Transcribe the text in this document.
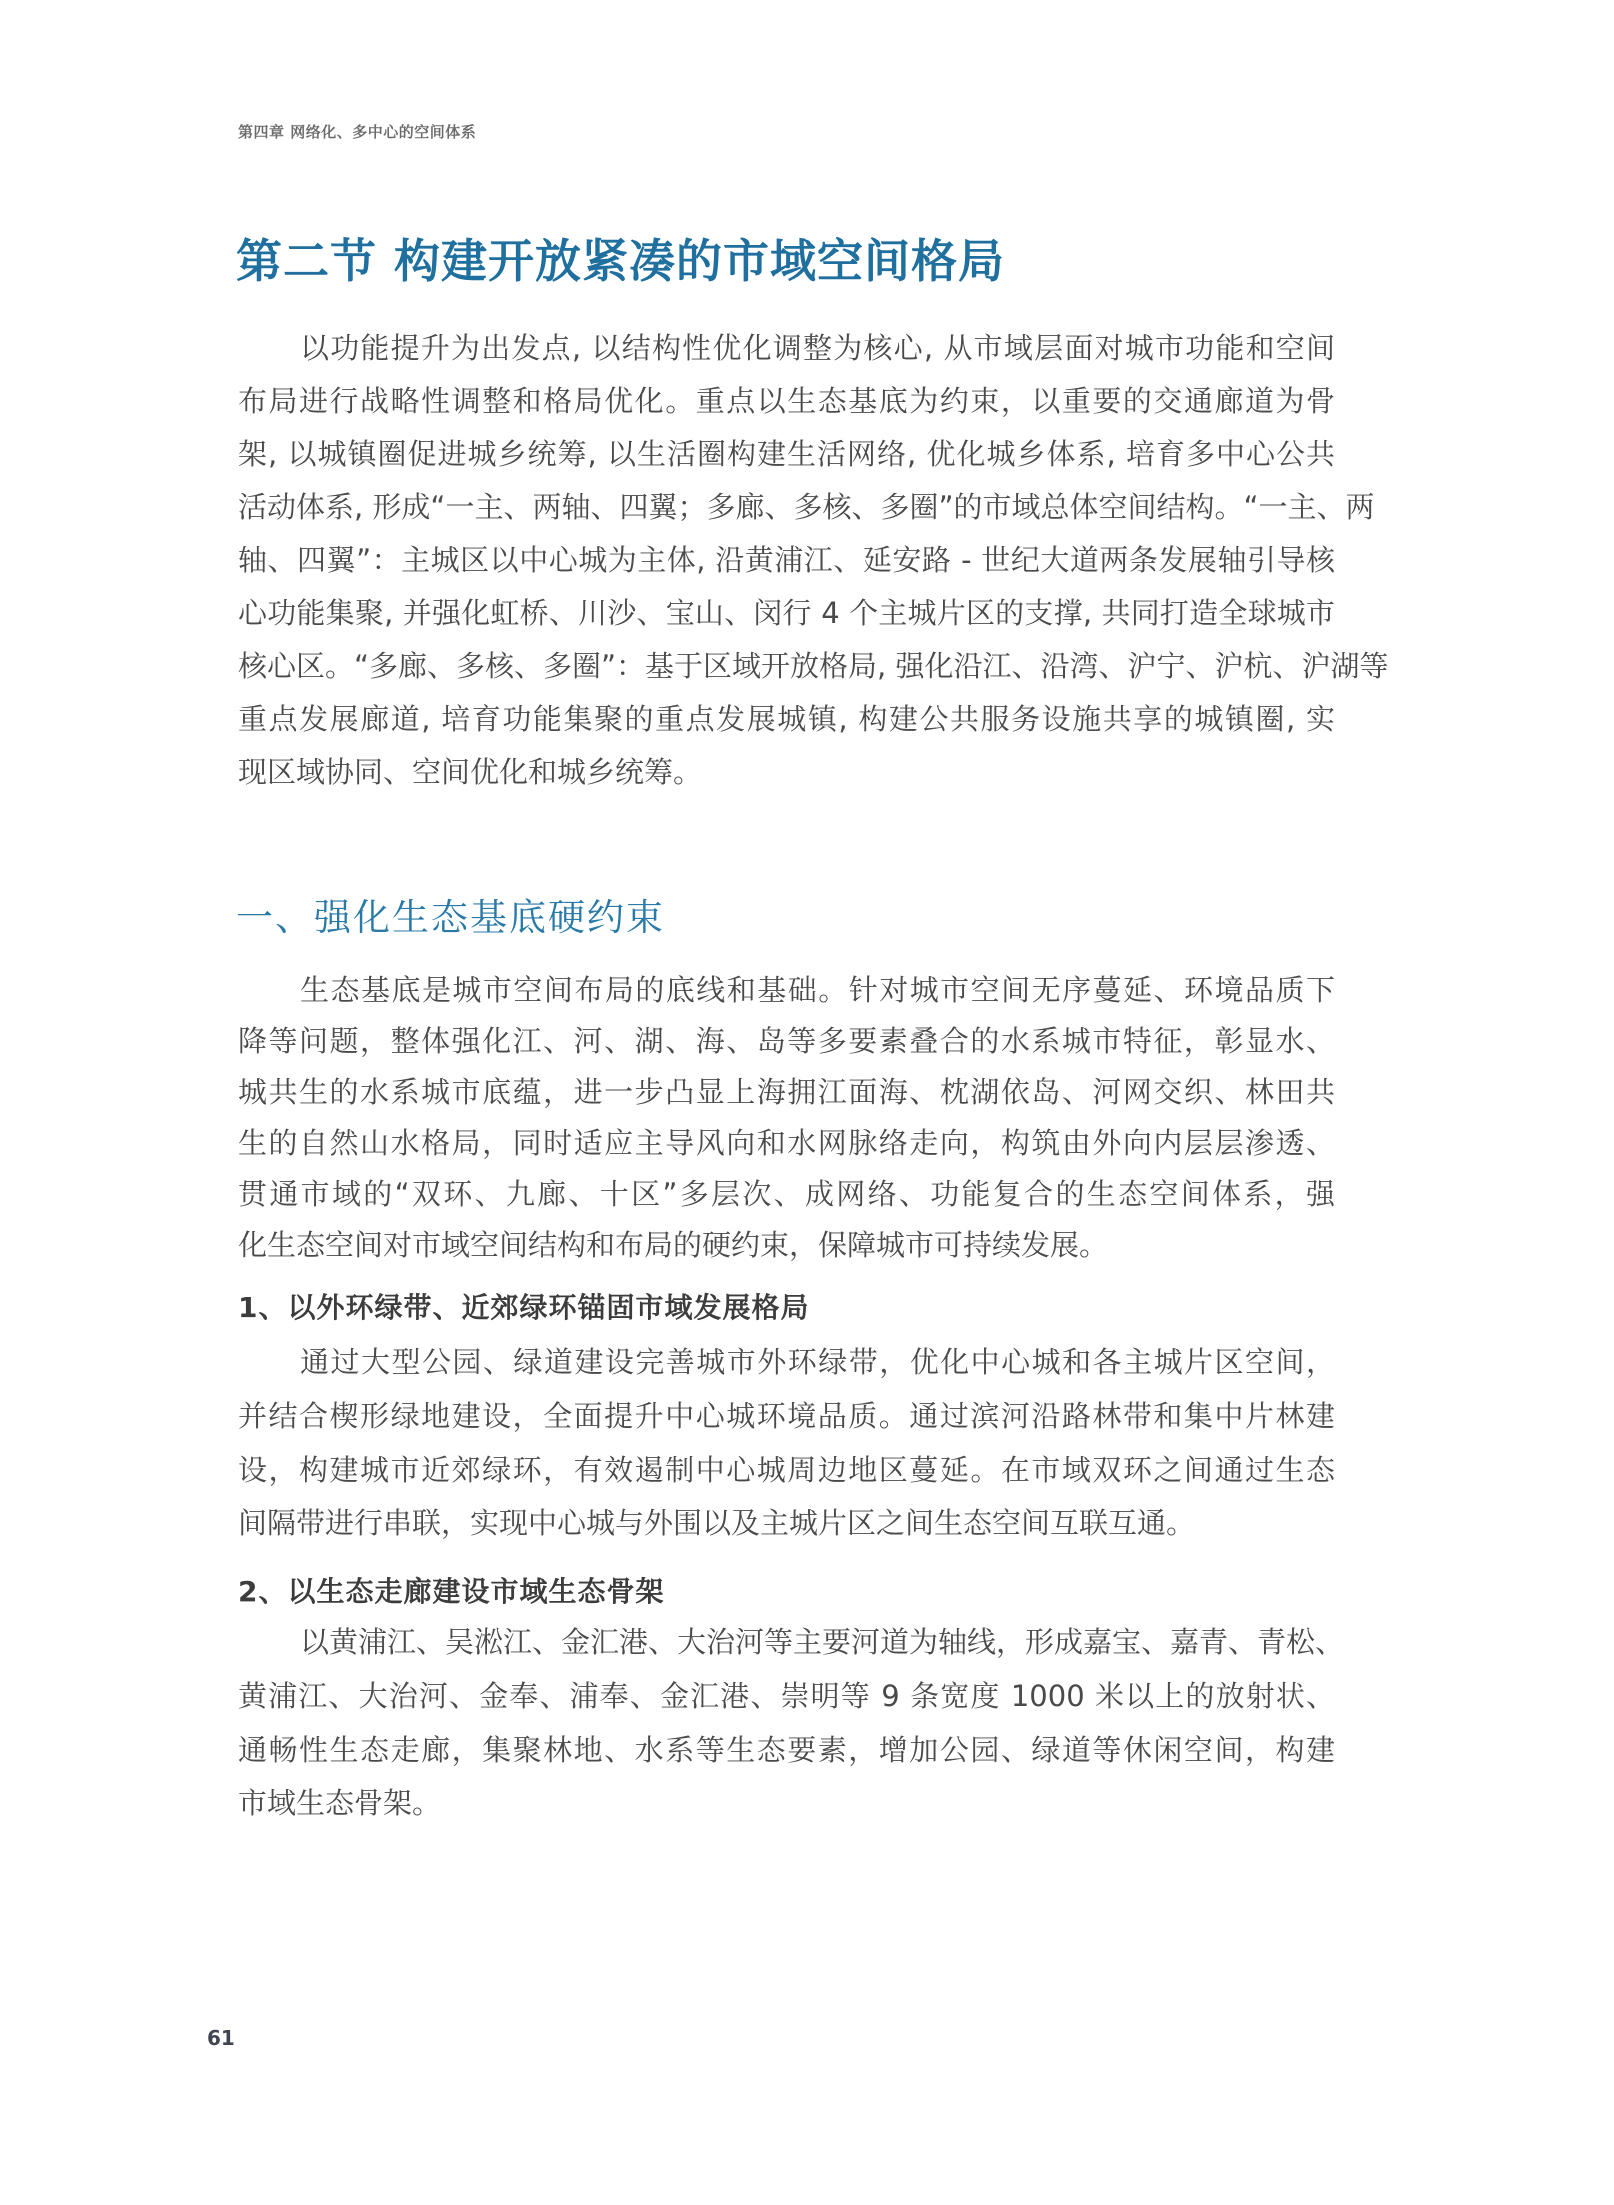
第四章 网络化、多中心的空间体系
第二节 构建开放紧凑的市域空间格局
以功能提升为出发点, 以结构性优化调整为核心, 从市域层面对城市功能和空间
布局进行战略性调整和格局优化。重点以生态基底为约束，以重要的交通廊道为骨
架, 以城镇圈促进城乡统筹, 以生活圈构建生活网络, 优化城乡体系, 培育多中心公共
活动体系, 形成“一主、两轴、四翼；多廊、多核、多圈”的市域总体空间结构。“一主、两
轴、四翼”：主城区以中心城为主体, 沿黄浦江、延安路 - 世纪大道两条发展轴引导核
心功能集聚, 并强化虹桥、川沙、宝山、闵行 4 个主城片区的支撑, 共同打造全球城市
核心区。“多廊、多核、多圈”：基于区域开放格局, 强化沿江、沿湾、沪宁、沪杭、沪湖等
重点发展廊道, 培育功能集聚的重点发展城镇, 构建公共服务设施共享的城镇圈, 实
现区域协同、空间优化和城乡统筹。
一、强化生态基底硬约束
生态基底是城市空间布局的底线和基础。针对城市空间无序蔓延、环境品质下
降等问题，整体强化江、河、湖、海、岛等多要素叠合的水系城市特征，彰显水、
城共生的水系城市底蕴，进一步凸显上海拥江面海、枕湖依岛、河网交织、林田共
生的自然山水格局，同时适应主导风向和水网脉络走向，构筑由外向内层层渗透、
贯通市域的“双环、九廊、十区”多层次、成网络、功能复合的生态空间体系，强
化生态空间对市域空间结构和布局的硬约束，保障城市可持续发展。
1、以外环绿带、近郊绿环锚固市域发展格局
通过大型公园、绿道建设完善城市外环绿带，优化中心城和各主城片区空间，
并结合楔形绿地建设，全面提升中心城环境品质。通过滨河沿路林带和集中片林建
设，构建城市近郊绿环，有效遏制中心城周边地区蔓延。在市域双环之间通过生态
间隔带进行串联，实现中心城与外围以及主城片区之间生态空间互联互通。
2、以生态走廊建设市域生态骨架
以黄浦江、吴淞江、金汇港、大治河等主要河道为轴线，形成嘉宝、嘉青、青松、
黄浦江、大治河、金奉、浦奉、金汇港、崇明等 9 条宽度 1000 米以上的放射状、
通畅性生态走廊，集聚林地、水系等生态要素，增加公园、绿道等休闲空间，构建
市域生态骨架。
61
